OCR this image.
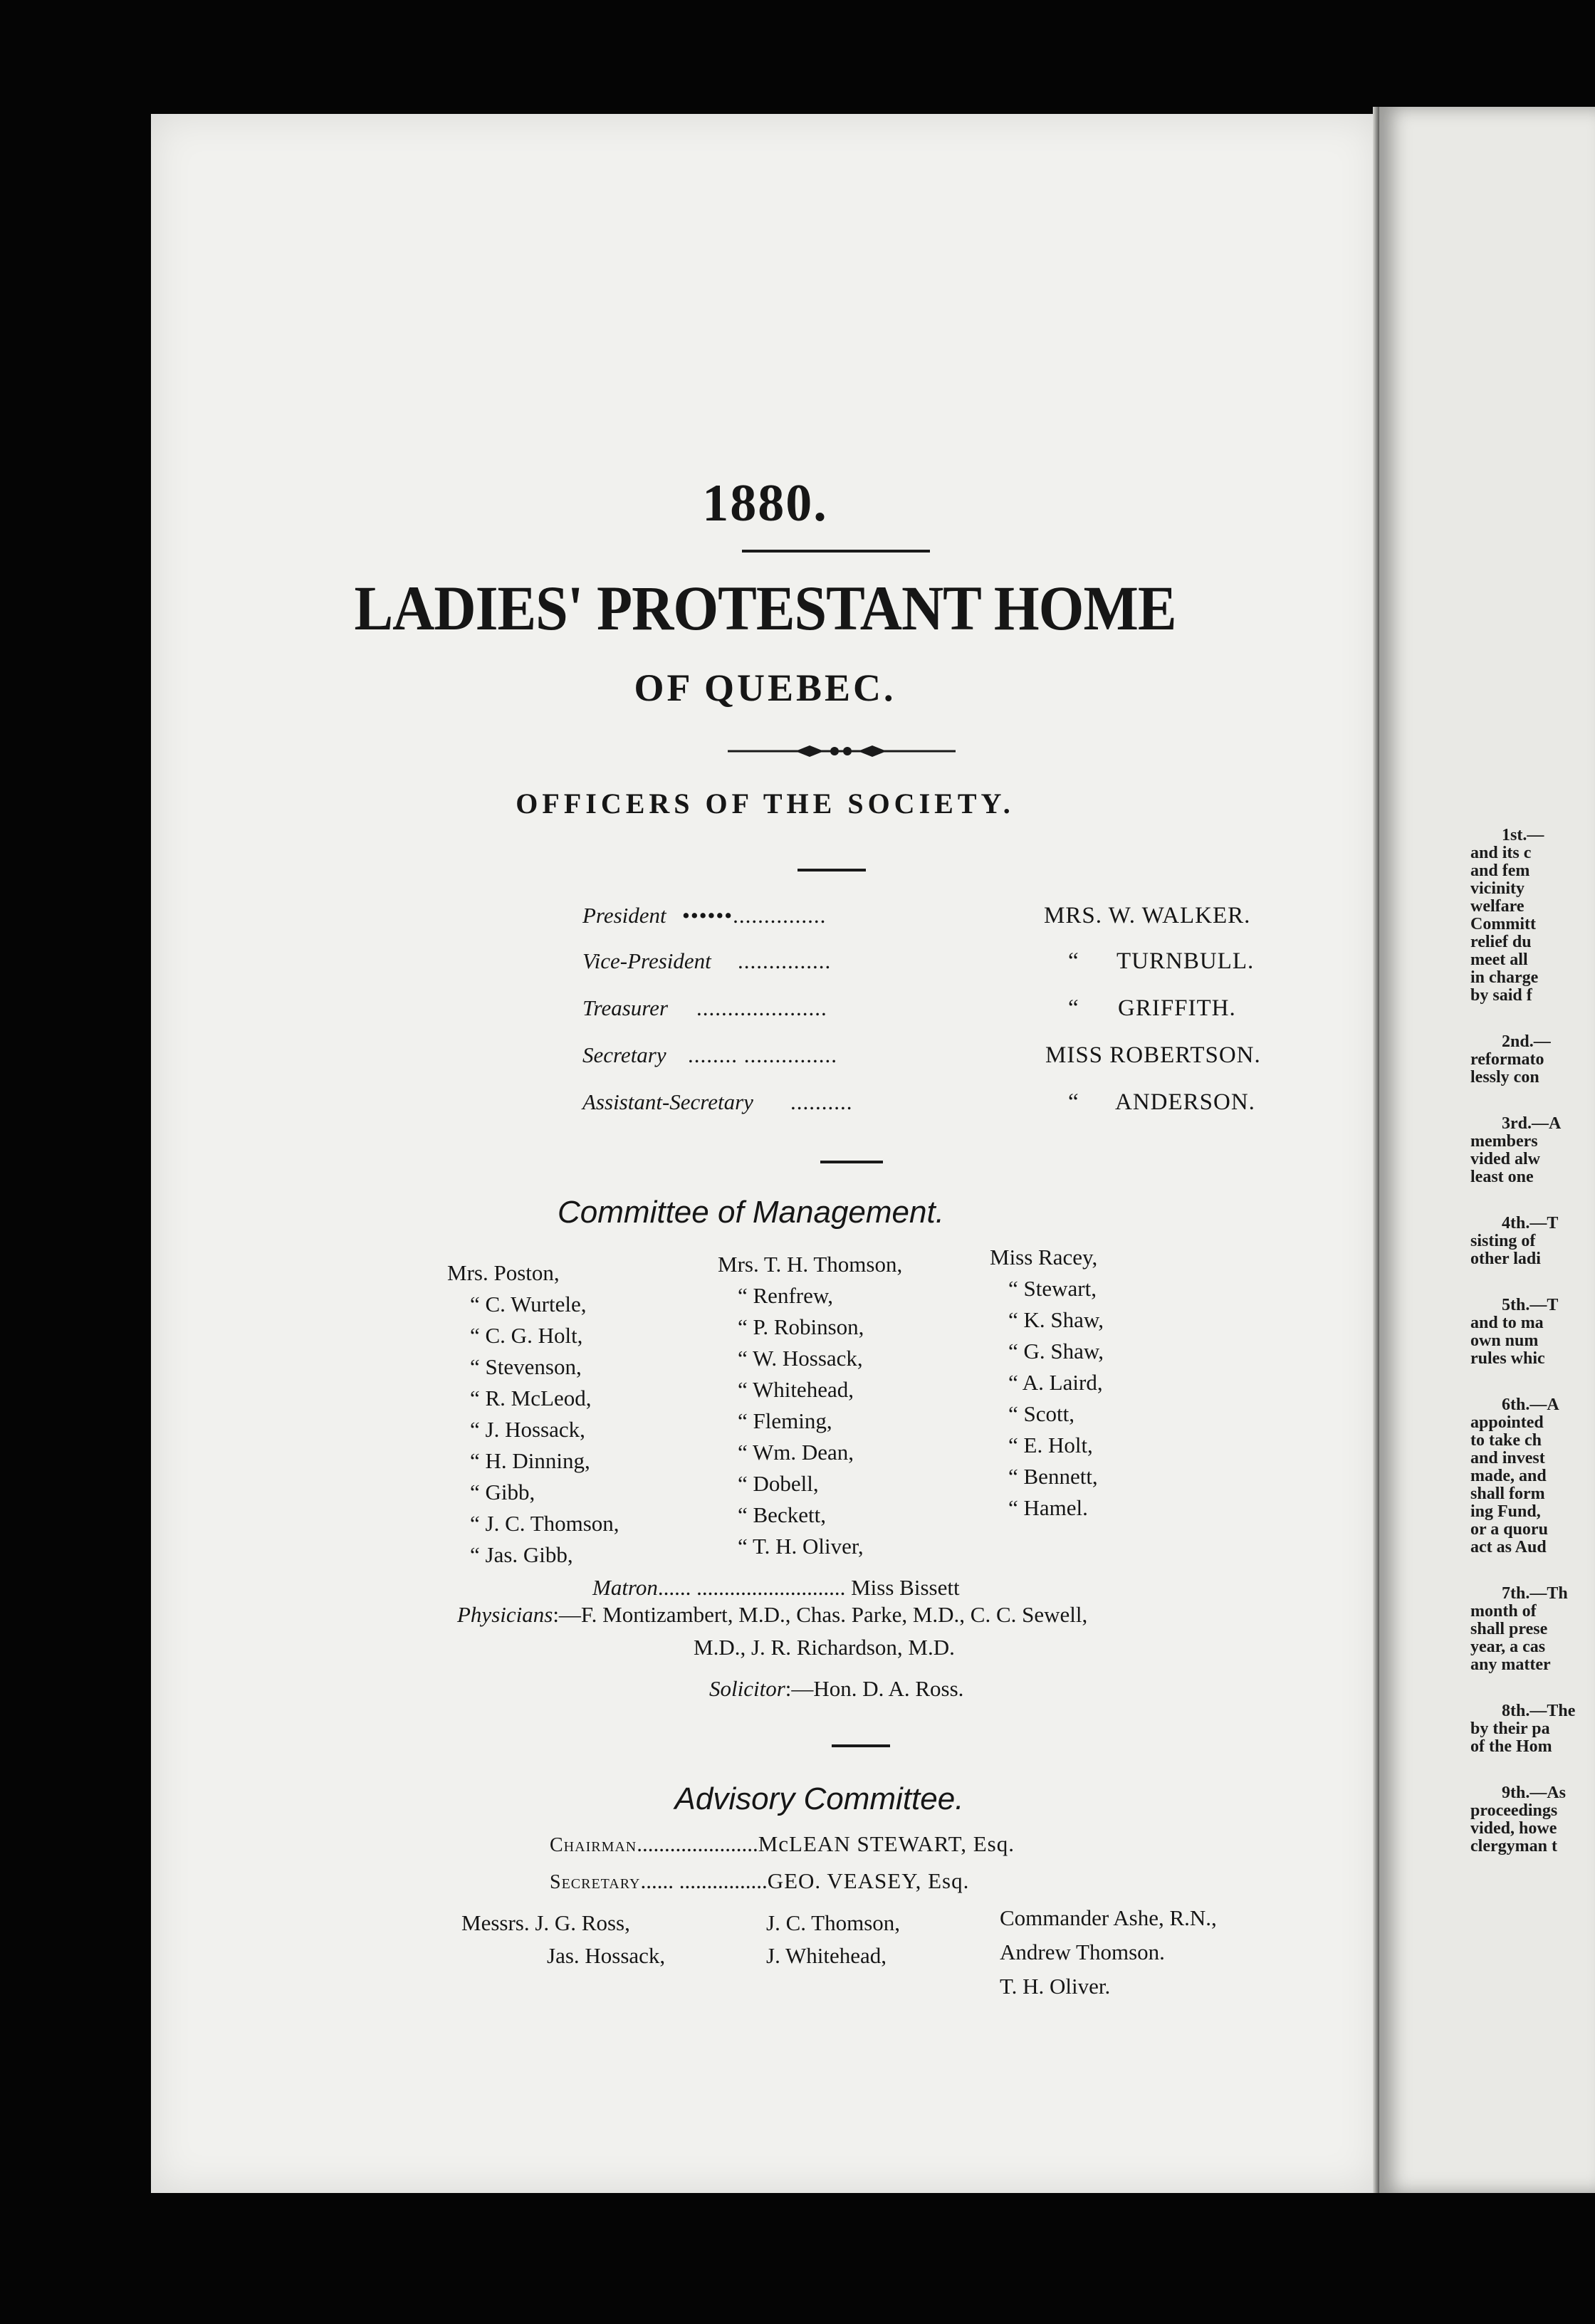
1880.
LADIES' PROTESTANT HOME
OF QUEBEC.
OFFICERS OF THE SOCIETY.
President ••••••...............	MRS. W. WALKER.
Vice-President ...............	“ TURNBULL.
Treasurer .....................	“ GRIFFITH.
Secretary ........ ...............	MISS ROBERTSON.
Assistant-Secretary ..........	“ ANDERSON.
Committee of Management.
Mrs. Poston,
“ C. Wurtele,
“ C. G. Holt,
“ Stevenson,
“ R. McLeod,
“ J. Hossack,
“ H. Dinning,
“ Gibb,
“ J. C. Thomson,
“ Jas. Gibb,
Mrs. T. H. Thomson,
“ Renfrew,
“ P. Robinson,
“ W. Hossack,
“ Whitehead,
“ Fleming,
“ Wm. Dean,
“ Dobell,
“ Beckett,
“ T. H. Oliver,
Miss Racey,
“ Stewart,
“ K. Shaw,
“ G. Shaw,
“ A. Laird,
“ Scott,
“ E. Holt,
“ Bennett,
“ Hamel.
Matron...... ........................... Miss Bissett
Physicians:—F. Montizambert, M.D., Chas. Parke, M.D., C. C. Sewell,
M.D., J. R. Richardson, M.D.
Solicitor:—Hon. D. A. Ross.
Advisory Committee.
Chairman......................McLEAN STEWART, Esq.
Secretary...... ................GEO. VEASEY, Esq.
Messrs. J. G. Ross,
Jas. Hossack,
J. C. Thomson,
J. Whitehead,
Commander Ashe, R.N.,
Andrew Thomson.
T. H. Oliver.
1st.—
and its c
and fem
vicinity
welfare
Committ
relief du
meet all
in charge
by said f
2nd.—
reformato
lessly con
3rd.—A
members
vided alw
least one
4th.—T
sisting of
other ladi
5th.—T
and to ma
own num
rules whic
6th.—A
appointed
to take ch
and invest
made, and
shall form
ing Fund,
or a quoru
act as Aud
7th.—Th
month of
shall prese
year, a cas
any matter
8th.—The
by their pa
of the Hom
9th.—As
proceedings
vided, howe
clergyman t
